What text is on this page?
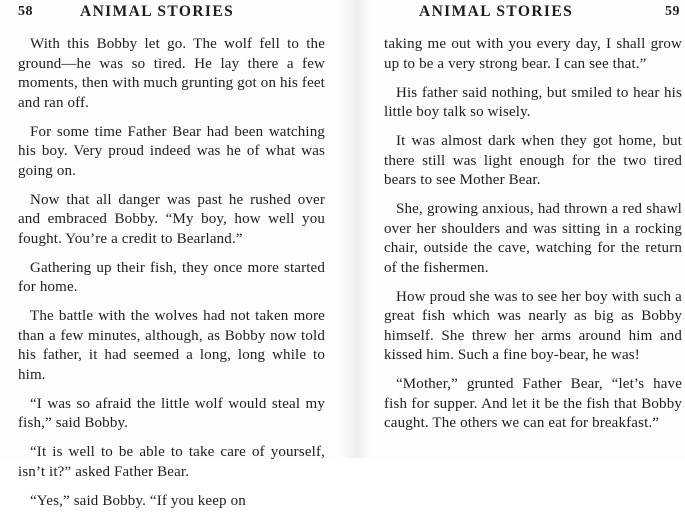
58	ANIMAL STORIES

With this Bobby let go. The wolf fell to the ground—he was so tired. He lay there a few moments, then with much grunting got on his feet and ran off.

For some time Father Bear had been watching his boy. Very proud indeed was he of what was going on.

Now that all danger was past he rushed over and embraced Bobby. “My boy, how well you fought. You’re a credit to Bearland.”

Gathering up their fish, they once more started for home.

The battle with the wolves had not taken more than a few minutes, although, as Bobby now told his father, it had seemed a long, long while to him.

“I was so afraid the little wolf would steal my fish,” said Bobby.

“It is well to be able to take care of yourself, isn’t it?” asked Father Bear.

“Yes,” said Bobby. “If you keep on

ANIMAL STORIES	59

taking me out with you every day, I shall grow up to be a very strong bear. I can see that.”

His father said nothing, but smiled to hear his little boy talk so wisely.

It was almost dark when they got home, but there still was light enough for the two tired bears to see Mother Bear.

She, growing anxious, had thrown a red shawl over her shoulders and was sitting in a rocking chair, outside the cave, watching for the return of the fishermen.

How proud she was to see her boy with such a great fish which was nearly as big as Bobby himself. She threw her arms around him and kissed him. Such a fine boy-bear, he was!

“Mother,” grunted Father Bear, “let’s have fish for supper. And let it be the fish that Bobby caught. The others we can eat for breakfast.”
